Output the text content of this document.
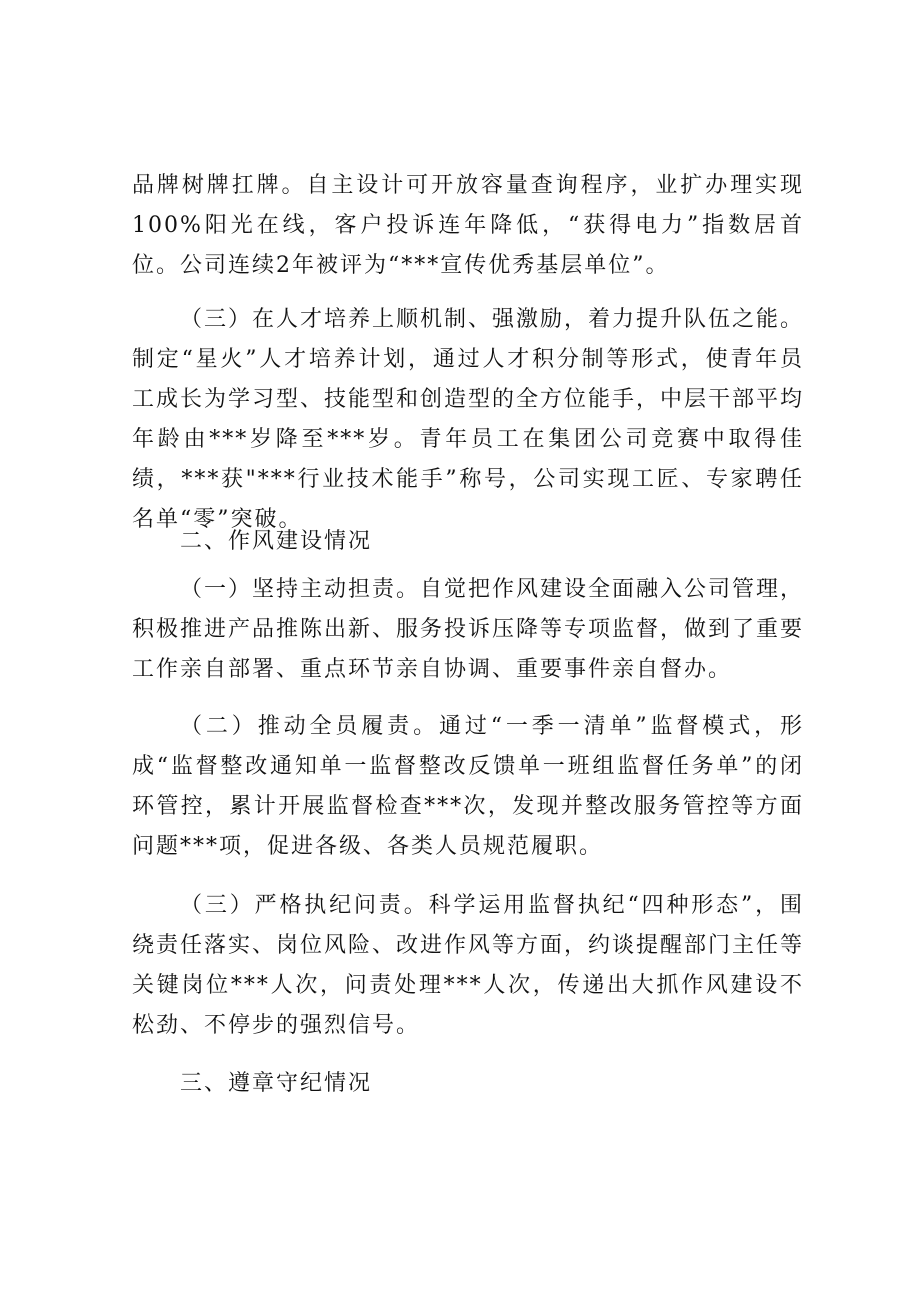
品牌树牌扛牌。自主设计可开放容量查询程序，业扩办理实现100%阳光在线，客户投诉连年降低，“获得电力”指数居首位。公司连续2年被评为“***宣传优秀基层单位”。

（三）在人才培养上顺机制、强激励，着力提升队伍之能。制定“星火”人才培养计划，通过人才积分制等形式，使青年员工成长为学习型、技能型和创造型的全方位能手，中层干部平均年龄由***岁降至***岁。青年员工在集团公司竞赛中取得佳绩，***获"***行业技术能手”称号，公司实现工匠、专家聘任名单“零”突破。

二、作风建设情况

（一）坚持主动担责。自觉把作风建设全面融入公司管理，积极推进产品推陈出新、服务投诉压降等专项监督，做到了重要工作亲自部署、重点环节亲自协调、重要事件亲自督办。

（二）推动全员履责。通过“一季一清单”监督模式，形成“监督整改通知单一监督整改反馈单一班组监督任务单”的闭环管控，累计开展监督检查***次，发现并整改服务管控等方面问题***项，促进各级、各类人员规范履职。

（三）严格执纪问责。科学运用监督执纪“四种形态”，围绕责任落实、岗位风险、改进作风等方面，约谈提醒部门主任等关键岗位***人次，问责处理***人次，传递出大抓作风建设不松劲、不停步的强烈信号。

三、遵章守纪情况
